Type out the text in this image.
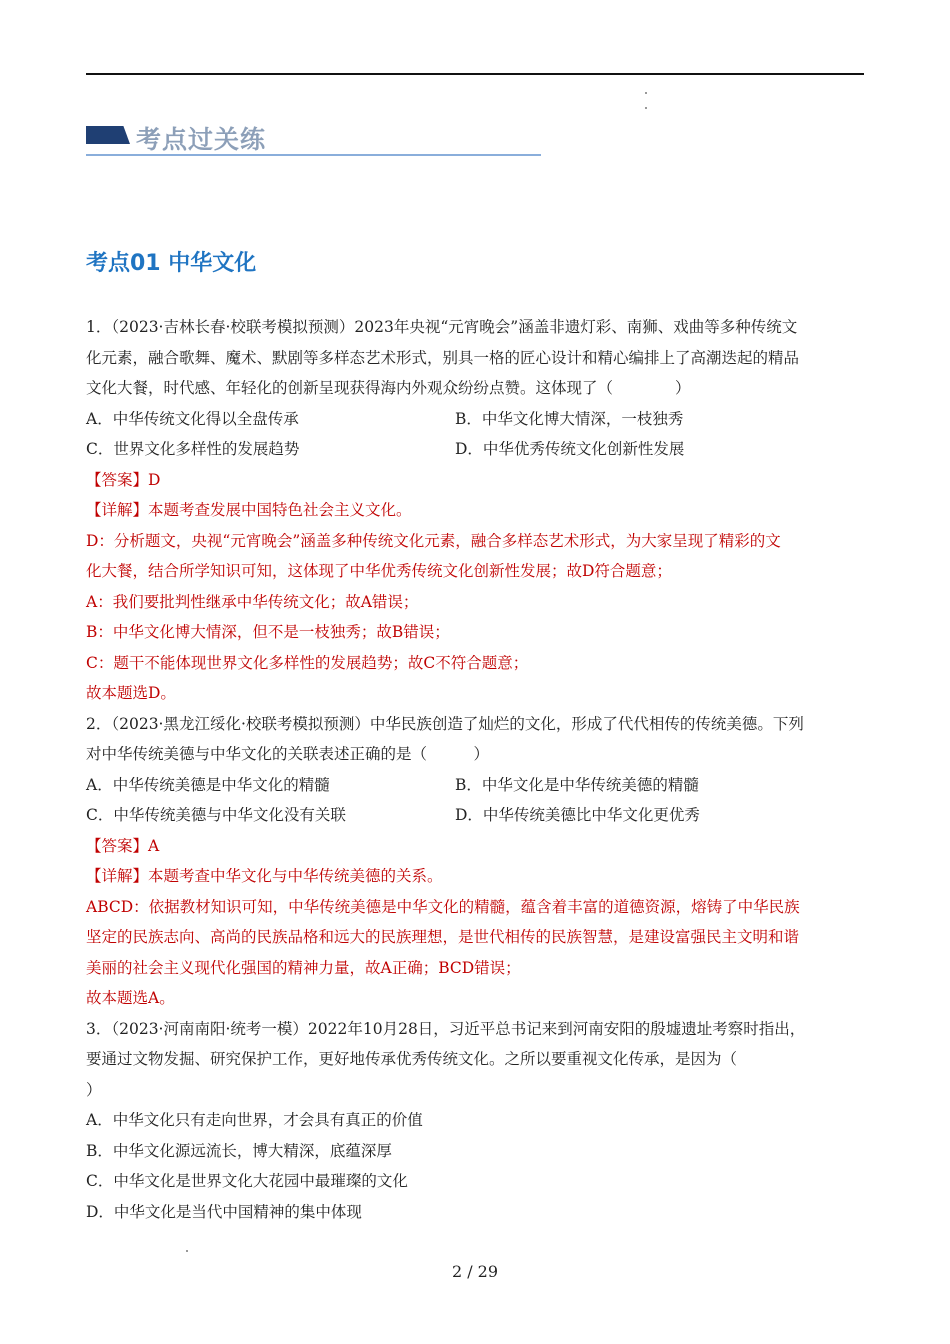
考点过关练
考点01 中华文化
1．（2023·吉林长春·校联考模拟预测）2023年央视“元宵晚会”涵盖非遗灯彩、南狮、戏曲等多种传统文
化元素，融合歌舞、魔术、默剧等多样态艺术形式，别具一格的匠心设计和精心编排上了高潮迭起的精品
文化大餐，时代感、年轻化的创新呈现获得海内外观众纷纷点赞。这体现了（　　　　）
A．中华传统文化得以全盘传承	B．中华文化博大情深，一枝独秀
C．世界文化多样性的发展趋势	D．中华优秀传统文化创新性发展
【答案】D
【详解】本题考查发展中国特色社会主义文化。
D：分析题文，央视“元宵晚会”涵盖多种传统文化元素，融合多样态艺术形式，为大家呈现了精彩的文
化大餐，结合所学知识可知，这体现了中华优秀传统文化创新性发展；故D符合题意；
A：我们要批判性继承中华传统文化；故A错误；
B：中华文化博大情深，但不是一枝独秀；故B错误；
C：题干不能体现世界文化多样性的发展趋势；故C不符合题意；
故本题选D。
2．（2023·黑龙江绥化·校联考模拟预测）中华民族创造了灿烂的文化，形成了代代相传的传统美德。下列
对中华传统美德与中华文化的关联表述正确的是（　　　）
A．中华传统美德是中华文化的精髓	B．中华文化是中华传统美德的精髓
C．中华传统美德与中华文化没有关联	D．中华传统美德比中华文化更优秀
【答案】A
【详解】本题考查中华文化与中华传统美德的关系。
ABCD：依据教材知识可知，中华传统美德是中华文化的精髓，蕴含着丰富的道德资源，熔铸了中华民族
坚定的民族志向、高尚的民族品格和远大的民族理想，是世代相传的民族智慧，是建设富强民主文明和谐
美丽的社会主义现代化强国的精神力量，故A正确；BCD错误；
故本题选A。
3．（2023·河南南阳·统考一模）2022年10月28日，习近平总书记来到河南安阳的殷墟遗址考察时指出，
要通过文物发掘、研究保护工作，更好地传承优秀传统文化。之所以要重视文化传承，是因为（
）
A．中华文化只有走向世界，才会具有真正的价值
B．中华文化源远流长，博大精深，底蕴深厚
C．中华文化是世界文化大花园中最璀璨的文化
D．中华文化是当代中国精神的集中体现
2 / 29
